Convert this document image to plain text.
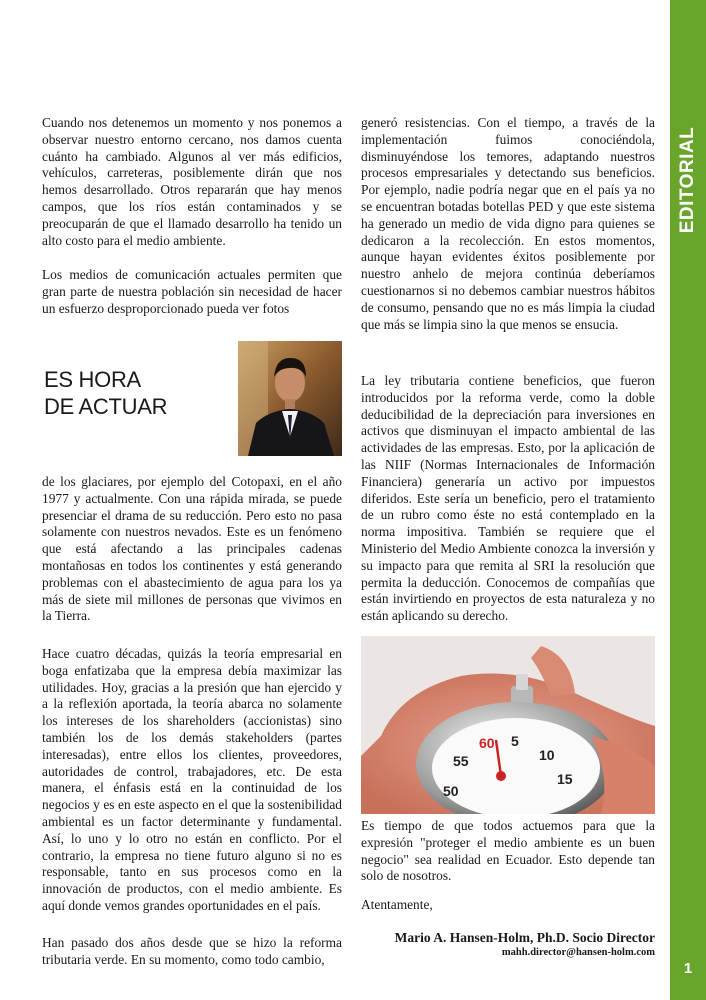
EDITORIAL
1

Cuando nos detenemos un momento y nos ponemos a observar nuestro entorno cercano, nos damos cuenta cuánto ha cambiado. Algunos al ver más edificios, vehículos, carreteras, posiblemente dirán que nos hemos desarrollado. Otros repararán que hay menos campos, que los ríos están contaminados y se preocuparán de que el llamado desarrollo ha tenido un alto costo para el medio ambiente.

Los medios de comunicación actuales permiten que gran parte de nuestra población sin necesidad de hacer un esfuerzo desproporcionado pueda ver fotos

ES HORA
DE ACTUAR

de los glaciares, por ejemplo del Cotopaxi, en el año 1977 y actualmente. Con una rápida mirada, se puede presenciar el drama de su reducción. Pero esto no pasa solamente con nuestros nevados. Este es un fenómeno que está afectando a las principales cadenas montañosas en todos los continentes y está generando problemas con el abastecimiento de agua para los ya más de siete mil millones de personas que vivimos en la Tierra.

Hace cuatro décadas, quizás la teoría empresarial en boga enfatizaba que la empresa debía maximizar las utilidades. Hoy, gracias a la presión que han ejercido y a la reflexión aportada, la teoría abarca no solamente los intereses de los shareholders (accionistas) sino también los de los demás stakeholders (partes interesadas), entre ellos los clientes, proveedores, autoridades de control, trabajadores, etc. De esta manera, el énfasis está en la continuidad de los negocios y es en este aspecto en el que la sostenibilidad ambiental es un factor determinante y fundamental. Así, lo uno y lo otro no están en conflicto. Por el contrario, la empresa no tiene futuro alguno si no es responsable, tanto en sus procesos como en la innovación de productos, con el medio ambiente. Es aquí donde vemos grandes oportunidades en el país.

Han pasado dos años desde que se hizo la reforma tributaria verde. En su momento, como todo cambio,

generó resistencias. Con el tiempo, a través de la implementación fuimos conociéndola, disminuyéndose los temores, adaptando nuestros procesos empresariales y detectando sus beneficios. Por ejemplo, nadie podría negar que en el país ya no se encuentran botadas botellas PED y que este sistema ha generado un medio de vida digno para quienes se dedicaron a la recolección. En estos momentos, aunque hayan evidentes éxitos posiblemente por nuestro anhelo de mejora continúa deberíamos cuestionarnos si no debemos cambiar nuestros hábitos de consumo, pensando que no es más limpia la ciudad que más se limpia sino la que menos se ensucia.

La ley tributaria contiene beneficios, que fueron introducidos por la reforma verde, como la doble deducibilidad de la depreciación para inversiones en activos que disminuyan el impacto ambiental de las actividades de las empresas. Esto, por la aplicación de las NIIF (Normas Internacionales de Información Financiera) generaría un activo por impuestos diferidos. Este sería un beneficio, pero el tratamiento de un rubro como éste no está contemplado en la norma impositiva. También se requiere que el Ministerio del Medio Ambiente conozca la inversión y su impacto para que remita al SRI la resolución que permita la deducción. Conocemos de compañías que están invirtiendo en proyectos de esta naturaleza y no están aplicando su derecho.

60 5
10
15
55
50

Es tiempo de que todos actuemos para que la expresión "proteger el medio ambiente es un buen negocio" sea realidad en Ecuador. Esto depende tan solo de nosotros.

Atentamente,

Mario A. Hansen-Holm, Ph.D. Socio Director
mahh.director@hansen-holm.com
